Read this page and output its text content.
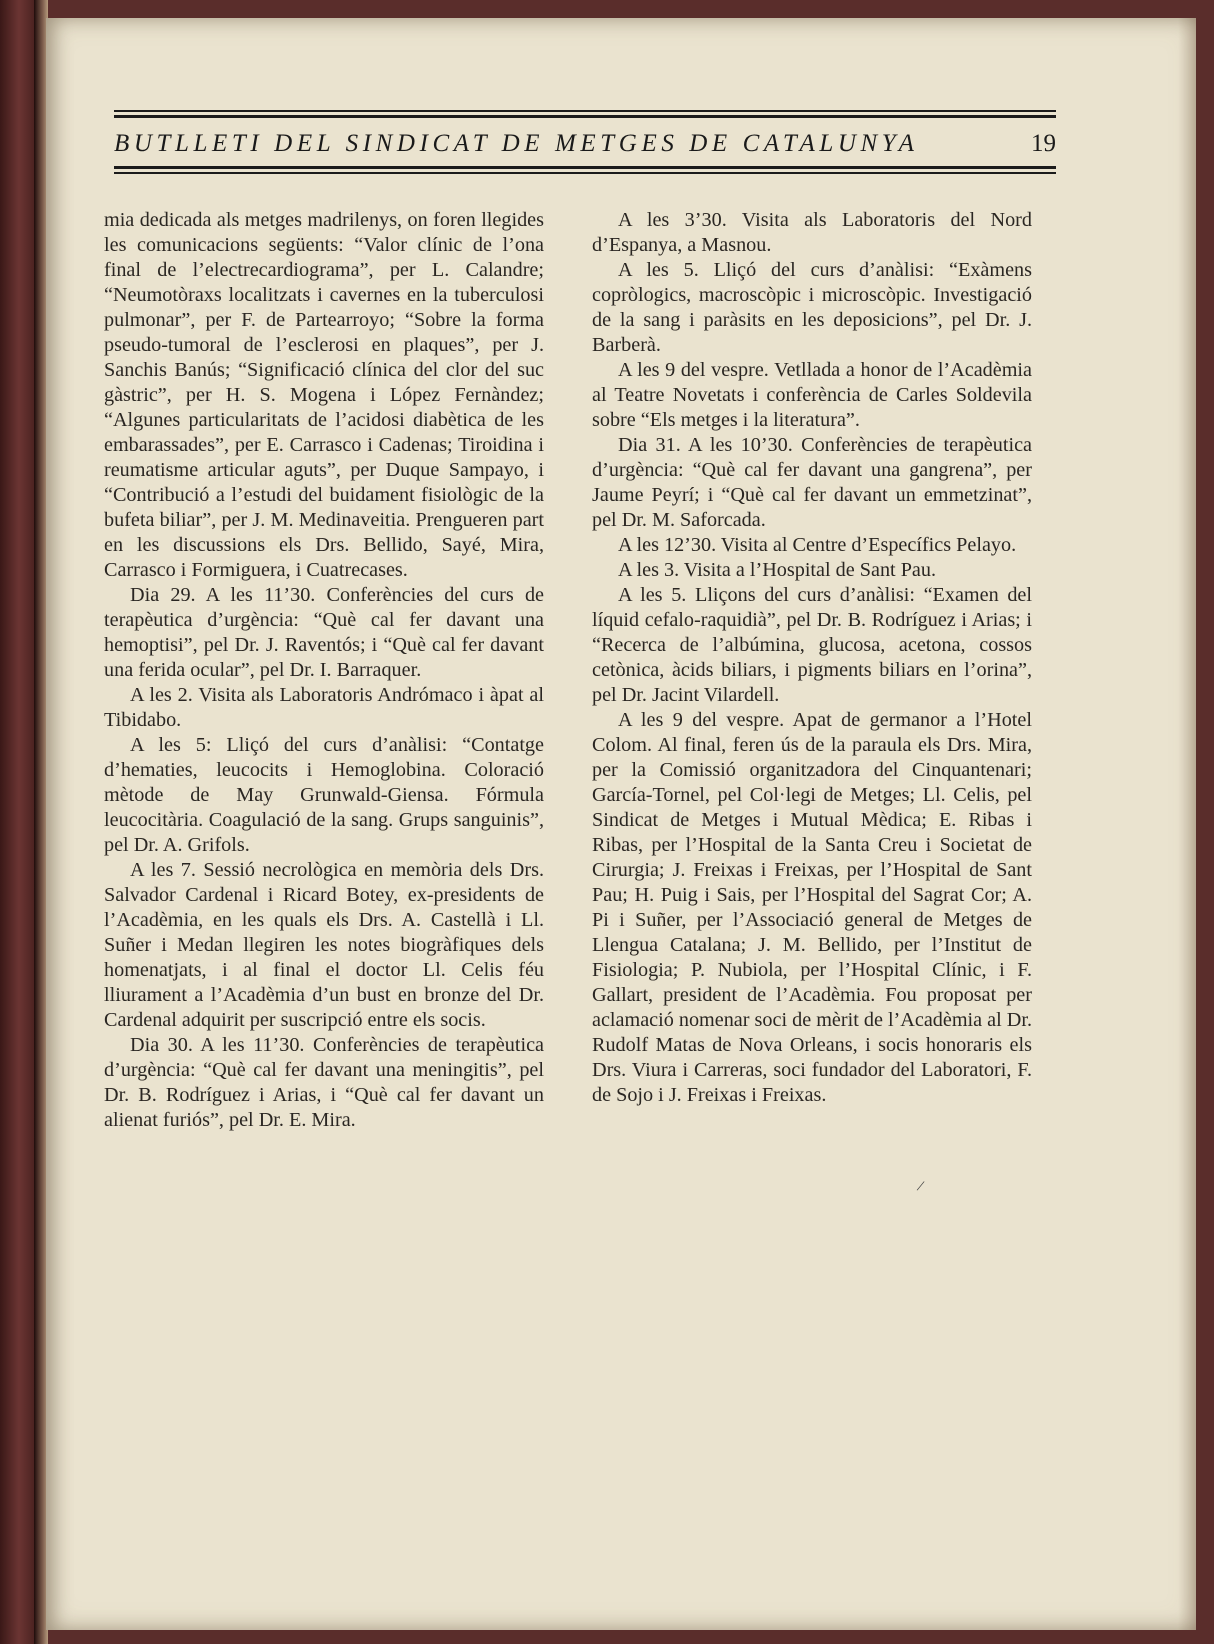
BUTLLETI DEL SINDICAT DE METGES DE CATALUNYA	19

mia dedicada als metges madrilenys, on foren llegides les comunicacions següents: “Valor clínic de l’ona final de l’electrecardiograma”, per L. Calandre; “Neumotòraxs localitzats i cavernes en la tuberculosi pulmonar”, per F. de Partearroyo; “Sobre la forma pseudo-tumoral de l’esclerosi en plaques”, per J. Sanchis Banús; “Significació clínica del clor del suc gàstric”, per H. S. Mogena i López Fernàndez; “Algunes particularitats de l’acidosi diabètica de les embarassades”, per E. Carrasco i Cadenas; Tiroidina i reumatisme articular aguts”, per Duque Sampayo, i “Contribució a l’estudi del buidament fisiològic de la bufeta biliar”, per J. M. Medinaveitia. Prengueren part en les discussions els Drs. Bellido, Sayé, Mira, Carrasco i Formiguera, i Cuatrecases.

Dia 29. A les 11’30. Conferències del curs de terapèutica d’urgència: “Què cal fer davant una hemoptisi”, pel Dr. J. Raventós; i “Què cal fer davant una ferida ocular”, pel Dr. I. Barraquer.

A les 2. Visita als Laboratoris Andrómaco i àpat al Tibidabo.

A les 5: Lliçó del curs d’anàlisi: “Contatge d’hematies, leucocits i Hemoglobina. Coloració mètode de May Grunwald-Giensa. Fórmula leucocitària. Coagulació de la sang. Grups sanguinis”, pel Dr. A. Grifols.

A les 7. Sessió necrològica en memòria dels Drs. Salvador Cardenal i Ricard Botey, ex-presidents de l’Acadèmia, en les quals els Drs. A. Castellà i Ll. Suñer i Medan llegiren les notes biogràfiques dels homenatjats, i al final el doctor Ll. Celis féu lliurament a l’Acadèmia d’un bust en bronze del Dr. Cardenal adquirit per suscripció entre els socis.

Dia 30. A les 11’30. Conferències de terapèutica d’urgència: “Què cal fer davant una meningitis”, pel Dr. B. Rodríguez i Arias, i “Què cal fer davant un alienat furiós”, pel Dr. E. Mira.

A les 3’30. Visita als Laboratoris del Nord d’Espanya, a Masnou.

A les 5. Lliçó del curs d’anàlisi: “Exàmens copròlogics, macroscòpic i microscòpic. Investigació de la sang i paràsits en les deposicions”, pel Dr. J. Barberà.

A les 9 del vespre. Vetllada a honor de l’Acadèmia al Teatre Novetats i conferència de Carles Soldevila sobre “Els metges i la literatura”.

Dia 31. A les 10’30. Conferències de terapèutica d’urgència: “Què cal fer davant una gangrena”, per Jaume Peyrí; i “Què cal fer davant un emmetzinat”, pel Dr. M. Saforcada.

A les 12’30. Visita al Centre d’Específics Pelayo.

A les 3. Visita a l’Hospital de Sant Pau.

A les 5. Lliçons del curs d’anàlisi: “Examen del líquid cefalo-raquidià”, pel Dr. B. Rodríguez i Arias; i “Recerca de l’albúmina, glucosa, acetona, cossos cetònica, àcids biliars, i pigments biliars en l’orina”, pel Dr. Jacint Vilardell.

A les 9 del vespre. Apat de germanor a l’Hotel Colom. Al final, feren ús de la paraula els Drs. Mira, per la Comissió organitzadora del Cinquantenari; García-Tornel, pel Col·legi de Metges; Ll. Celis, pel Sindicat de Metges i Mutual Mèdica; E. Ribas i Ribas, per l’Hospital de la Santa Creu i Societat de Cirurgia; J. Freixas i Freixas, per l’Hospital de Sant Pau; H. Puig i Sais, per l’Hospital del Sagrat Cor; A. Pi i Suñer, per l’Associació general de Metges de Llengua Catalana; J. M. Bellido, per l’Institut de Fisiologia; P. Nubiola, per l’Hospital Clínic, i F. Gallart, president de l’Acadèmia. Fou proposat per aclamació nomenar soci de mèrit de l’Acadèmia al Dr. Rudolf Matas de Nova Orleans, i socis honoraris els Drs. Viura i Carreras, soci fundador del Laboratori, F. de Sojo i J. Freixas i Freixas.

/
